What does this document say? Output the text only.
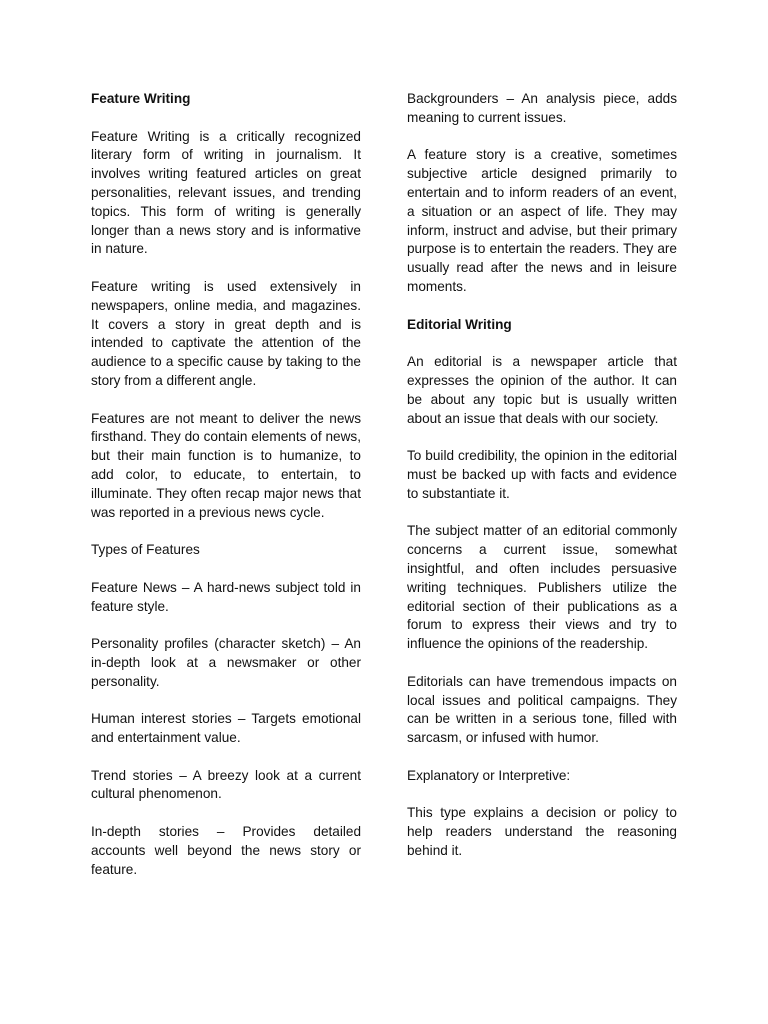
Feature Writing

Feature Writing is a critically recognized literary form of writing in journalism. It involves writing featured articles on great personalities, relevant issues, and trending topics. This form of writing is generally longer than a news story and is informative in nature.

Feature writing is used extensively in newspapers, online media, and magazines. It covers a story in great depth and is intended to captivate the attention of the audience to a specific cause by taking to the story from a different angle.

Features are not meant to deliver the news firsthand. They do contain elements of news, but their main function is to humanize, to add color, to educate, to entertain, to illuminate. They often recap major news that was reported in a previous news cycle.

Types of Features

Feature News – A hard-news subject told in feature style.

Personality profiles (character sketch) – An in-depth look at a newsmaker or other personality.

Human interest stories – Targets emotional and entertainment value.

Trend stories – A breezy look at a current cultural phenomenon.

In-depth stories – Provides detailed accounts well beyond the news story or feature.

Backgrounders – An analysis piece, adds meaning to current issues.

A feature story is a creative, sometimes subjective article designed primarily to entertain and to inform readers of an event, a situation or an aspect of life. They may inform, instruct and advise, but their primary purpose is to entertain the readers. They are usually read after the news and in leisure moments.

Editorial Writing

An editorial is a newspaper article that expresses the opinion of the author. It can be about any topic but is usually written about an issue that deals with our society.

To build credibility, the opinion in the editorial must be backed up with facts and evidence to substantiate it.

The subject matter of an editorial commonly concerns a current issue, somewhat insightful, and often includes persuasive writing techniques. Publishers utilize the editorial section of their publications as a forum to express their views and try to influence the opinions of the readership.

Editorials can have tremendous impacts on local issues and political campaigns. They can be written in a serious tone, filled with sarcasm, or infused with humor.

Explanatory or Interpretive:

This type explains a decision or policy to help readers understand the reasoning behind it.
